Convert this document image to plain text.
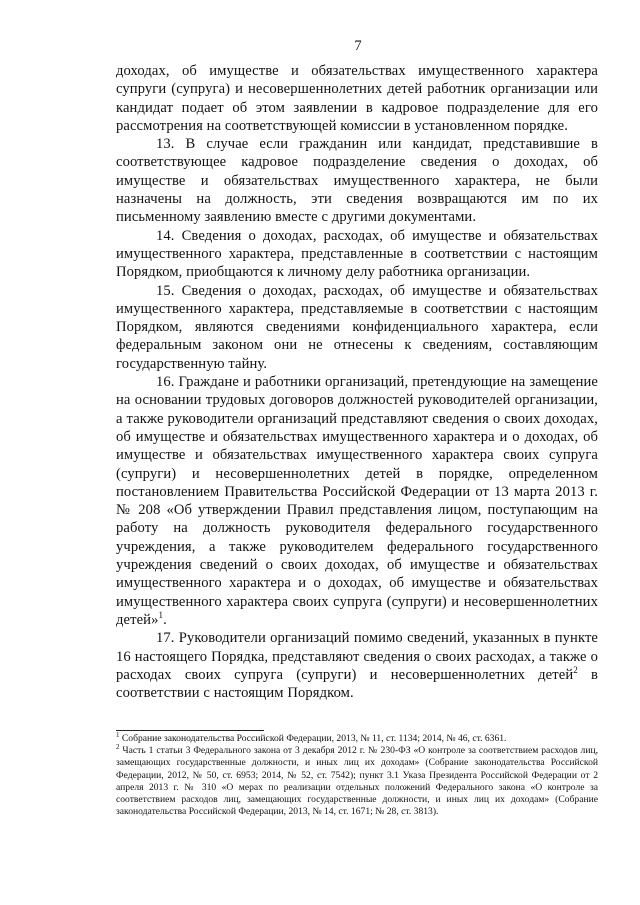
7

доходах, об имуществе и обязательствах имущественного характера супруги (супруга) и несовершеннолетних детей работник организации или кандидат подает об этом заявлении в кадровое подразделение для его рассмотрения на соответствующей комиссии в установленном порядке.

13. В случае если гражданин или кандидат, представившие в соответствующее кадровое подразделение сведения о доходах, об имуществе и обязательствах имущественного характера, не были назначены на должность, эти сведения возвращаются им по их письменному заявлению вместе с другими документами.

14. Сведения о доходах, расходах, об имуществе и обязательствах имущественного характера, представленные в соответствии с настоящим Порядком, приобщаются к личному делу работника организации.

15. Сведения о доходах, расходах, об имуществе и обязательствах имущественного характера, представляемые в соответствии с настоящим Порядком, являются сведениями конфиденциального характера, если федеральным законом они не отнесены к сведениям, составляющим государственную тайну.

16. Граждане и работники организаций, претендующие на замещение на основании трудовых договоров должностей руководителей организации, а также руководители организаций представляют сведения о своих доходах, об имуществе и обязательствах имущественного характера и о доходах, об имуществе и обязательствах имущественного характера своих супруга (супруги) и несовершеннолетних детей в порядке, определенном постановлением Правительства Российской Федерации от 13 марта 2013 г. № 208 «Об утверждении Правил представления лицом, поступающим на работу на должность руководителя федерального государственного учреждения, а также руководителем федерального государственного учреждения сведений о своих доходах, об имуществе и обязательствах имущественного характера и о доходах, об имуществе и обязательствах имущественного характера своих супруга (супруги) и несовершеннолетних детей»$^1$.

17. Руководители организаций помимо сведений, указанных в пункте 16 настоящего Порядка, представляют сведения о своих расходах, а также о расходах своих супруга (супруги) и несовершеннолетних детей$^2$ в соответствии с настоящим Порядком.

$^1$ Собрание законодательства Российской Федерации, 2013, № 11, ст. 1134; 2014, № 46, ст. 6361.

$^2$ Часть 1 статьи 3 Федерального закона от 3 декабря 2012 г. № 230-ФЗ «О контроле за соответствием расходов лиц, замещающих государственные должности, и иных лиц их доходам» (Собрание законодательства Российской Федерации, 2012, № 50, ст. 6953; 2014, № 52, ст. 7542); пункт 3.1 Указа Президента Российской Федерации от 2 апреля 2013 г. № 310 «О мерах по реализации отдельных положений Федерального закона «О контроле за соответствием расходов лиц, замещающих государственные должности, и иных лиц их доходам» (Собрание законодательства Российской Федерации, 2013, № 14, ст. 1671; № 28, ст. 3813).
